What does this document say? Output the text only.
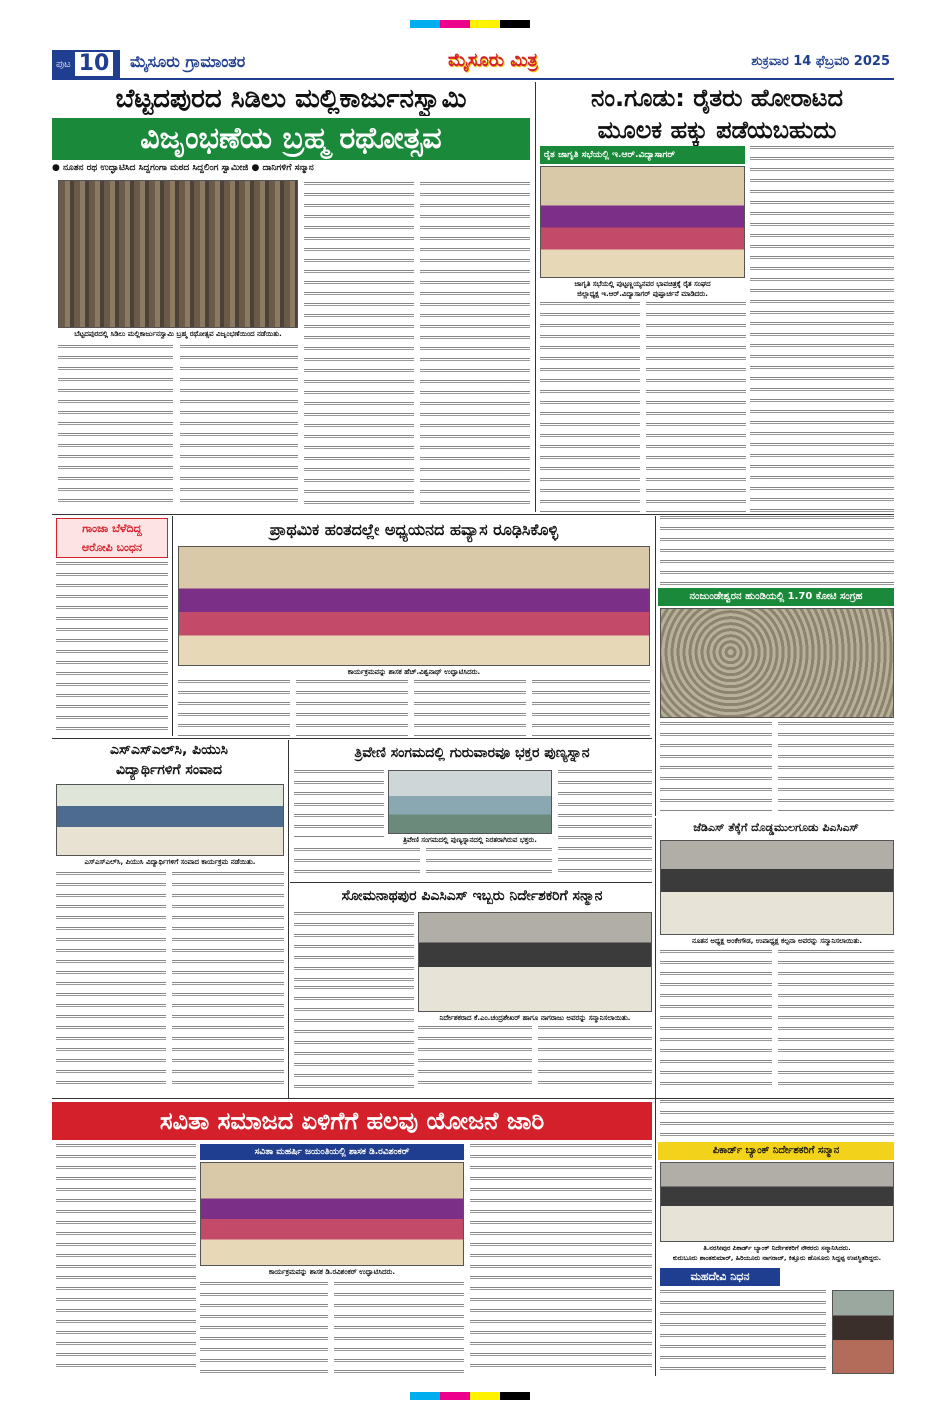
ಪುಟ 10 ಮೈಸೂರು ಗ್ರಾಮಾಂತರ	ಮೈಸೂರು ಮಿತ್ರ	ಶುಕ್ರವಾರ 14 ಫೆಬ್ರವರಿ 2025
ಬೆಟ್ಟದಪುರದ ಸಿಡಿಲು ಮಲ್ಲಿಕಾರ್ಜುನಸ್ವಾಮಿ
ವಿಜೃಂಭಣೆಯ ಬ್ರಹ್ಮ ರಥೋತ್ಸವ
● ನೂತನ ರಥ ಉದ್ಘಾಟಿಸಿದ ಸಿದ್ದಗಂಗಾ ಮಠದ ಸಿದ್ದಲಿಂಗ ಸ್ವಾಮೀಜಿ ● ದಾನಿಗಳಿಗೆ ಸನ್ಮಾನ
ಬೆಟ್ಟದಪುರದಲ್ಲಿ ಸಿಡಿಲು ಮಲ್ಲಿಕಾರ್ಜುನಸ್ವಾಮಿ ಬ್ರಹ್ಮ ರಥೋತ್ಸವ ವಿಜೃಂಭಣೆಯಿಂದ ನಡೆಯಿತು.
ನಂ.ಗೂಡು: ರೈತರು ಹೋರಾಟದ
ಮೂಲಕ ಹಕ್ಕು ಪಡೆಯಬಹುದು
ರೈತ ಜಾಗೃತಿ ಸಭೆಯಲ್ಲಿ ಇ.ಆರ್.ವಿದ್ಯಾಸಾಗರ್
ಜಾಗೃತಿ ಸಭೆಯಲ್ಲಿ ಪುಟ್ಟಣ್ಣಯ್ಯನವರ ಭಾವಚಿತ್ರಕ್ಕೆ ರೈತ ಸಂಘದ
ಜಿಲ್ಲಾಧ್ಯಕ್ಷ ಇ.ಆರ್.ವಿದ್ಯಾಸಾಗರ್ ಪುಷ್ಪಾರ್ಚನೆ ಮಾಡಿದರು.
ಗಾಂಜಾ ಬೆಳೆದಿದ್ದ
ಆರೋಪಿ ಬಂಧನ
ಪ್ರಾಥಮಿಕ ಹಂತದಲ್ಲೇ ಅಧ್ಯಯನದ ಹವ್ಯಾಸ ರೂಢಿಸಿಕೊಳ್ಳಿ
ಕಾರ್ಯಕ್ರಮವನ್ನು ಶಾಸಕ ಹೆಚ್.ವಿಶ್ವನಾಥ್ ಉದ್ಘಾಟಿಸಿದರು.
ನಂಜುಂಡೇಶ್ವರನ ಹುಂಡಿಯಲ್ಲಿ 1.70 ಕೋಟಿ ಸಂಗ್ರಹ
ಎಸ್‌ಎಸ್‌ಎಲ್‌ಸಿ, ಪಿಯುಸಿ
ವಿದ್ಯಾರ್ಥಿಗಳಿಗೆ ಸಂವಾದ
ಎಸ್‌ಎಸ್‌ಎಲ್‌ಸಿ, ಪಿಯುಸಿ ವಿದ್ಯಾರ್ಥಿಗಳಿಗೆ ಸಂವಾದ ಕಾರ್ಯಕ್ರಮ ನಡೆಯಿತು.
ತ್ರಿವೇಣಿ ಸಂಗಮದಲ್ಲಿ ಗುರುವಾರವೂ ಭಕ್ತರ ಪುಣ್ಯಸ್ನಾನ
ತ್ರಿವೇಣಿ ಸಂಗಮದಲ್ಲಿ ಪುಣ್ಯಸ್ನಾನದಲ್ಲಿ ನಿರತರಾಗಿರುವ ಭಕ್ತರು.
ಜೆಡಿಎಸ್ ತೆಕ್ಕೆಗೆ ದೊಡ್ಡಮುಲಗೂಡು ಪಿಎಸಿಎಸ್
ನೂತನ ಅಧ್ಯಕ್ಷ ಅಂಕೇಗೌಡ, ಉಪಾಧ್ಯಕ್ಷ ಕಲ್ಪನಾ ಅವರನ್ನು ಸನ್ಮಾನಿಸಲಾಯಿತು.
ಸೋಮನಾಥಪುರ ಪಿಎಸಿಎಸ್ ಇಬ್ಬರು ನಿರ್ದೇಶಕರಿಗೆ ಸನ್ಮಾನ
ನಿರ್ದೇಶಕರಾದ ಕೆ.ಎಂ.ಚಂದ್ರಶೇಖರ್ ಹಾಗೂ ನಾಗರಾಜು ಅವರನ್ನು ಸನ್ಮಾನಿಸಲಾಯಿತು.
ಸವಿತಾ ಸಮಾಜದ ಏಳಿಗೆಗೆ ಹಲವು ಯೋಜನೆ ಜಾರಿ
ಸವಿತಾ ಮಹರ್ಷಿ ಜಯಂತಿಯಲ್ಲಿ ಶಾಸಕ ಡಿ.ರವಿಶಂಕರ್
ಕಾರ್ಯಕ್ರಮವನ್ನು ಶಾಸಕ ಡಿ.ರವಿಶಂಕರ್ ಉದ್ಘಾಟಿಸಿದರು.
ಪಿಕಾರ್ಡ್ ಬ್ಯಾಂಕ್ ನಿರ್ದೇಶಕರಿಗೆ ಸನ್ಮಾನ
ತಿ.ನರಸೀಪುರ ಪಿಕಾರ್ಡ್ ಬ್ಯಾಂಕ್ ನಿರ್ದೇಶಕರಿಗೆ ನೌಕರರು ಸನ್ಮಾನಿಸಿದರು.
ಕುರುಬೂರು ಶಾಂತಕುಮಾರ್, ಹಿರಿಯೂರು ನಾಗರಾಜ್, ಕಿತ್ತೂರು ಹೊಸೂರು ಸಿದ್ದಪ್ಪ ಉಪಸ್ಥಿತರಿದ್ದರು.
ಮಹದೇವಿ ನಿಧನ
